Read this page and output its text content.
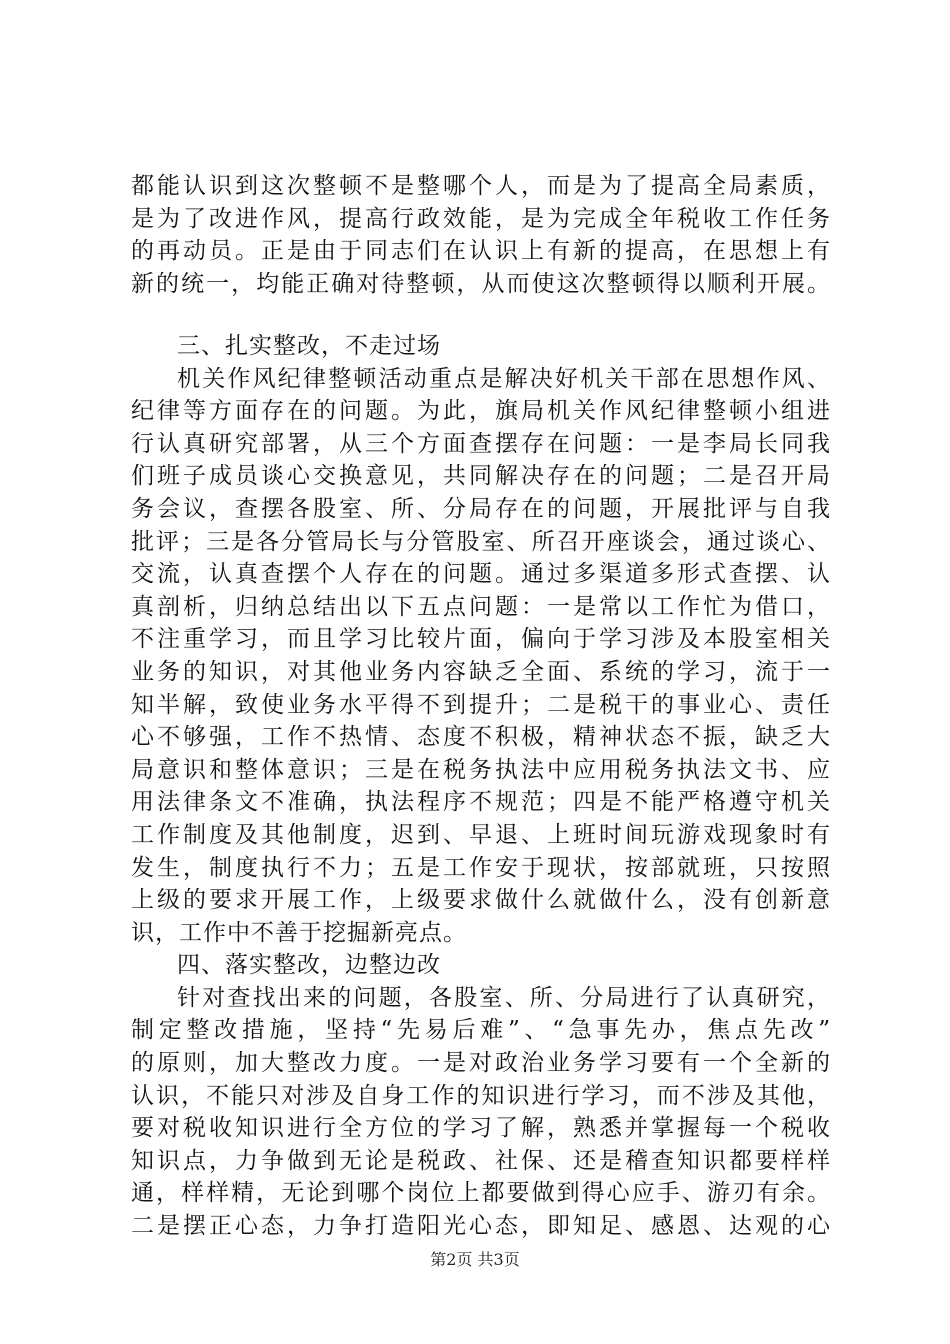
都能认识到这次整顿不是整哪个人，而是为了提高全局素质，
是为了改进作风，提高行政效能，是为完成全年税收工作任务
的再动员。正是由于同志们在认识上有新的提高，在思想上有
新的统一，均能正确对待整顿，从而使这次整顿得以顺利开展。
三、扎实整改，不走过场
机关作风纪律整顿活动重点是解决好机关干部在思想作风、
纪律等方面存在的问题。为此，旗局机关作风纪律整顿小组进
行认真研究部署，从三个方面查摆存在问题：一是李局长同我
们班子成员谈心交换意见，共同解决存在的问题；二是召开局
务会议，查摆各股室、所、分局存在的问题，开展批评与自我
批评；三是各分管局长与分管股室、所召开座谈会，通过谈心、
交流，认真查摆个人存在的问题。通过多渠道多形式查摆、认
真剖析，归纳总结出以下五点问题：一是常以工作忙为借口，
不注重学习，而且学习比较片面，偏向于学习涉及本股室相关
业务的知识，对其他业务内容缺乏全面、系统的学习，流于一
知半解，致使业务水平得不到提升；二是税干的事业心、责任
心不够强，工作不热情、态度不积极，精神状态不振，缺乏大
局意识和整体意识；三是在税务执法中应用税务执法文书、应
用法律条文不准确，执法程序不规范；四是不能严格遵守机关
工作制度及其他制度，迟到、早退、上班时间玩游戏现象时有
发生，制度执行不力；五是工作安于现状，按部就班，只按照
上级的要求开展工作，上级要求做什么就做什么，没有创新意
识，工作中不善于挖掘新亮点。
四、落实整改，边整边改
针对查找出来的问题，各股室、所、分局进行了认真研究，
制定整改措施，坚持“先易后难”、“急事先办，焦点先改”
的原则，加大整改力度。一是对政治业务学习要有一个全新的
认识，不能只对涉及自身工作的知识进行学习，而不涉及其他，
要对税收知识进行全方位的学习了解，熟悉并掌握每一个税收
知识点，力争做到无论是税政、社保、还是稽查知识都要样样
通，样样精，无论到哪个岗位上都要做到得心应手、游刃有余。
二是摆正心态，力争打造阳光心态，即知足、感恩、达观的心
第2页 共3页
